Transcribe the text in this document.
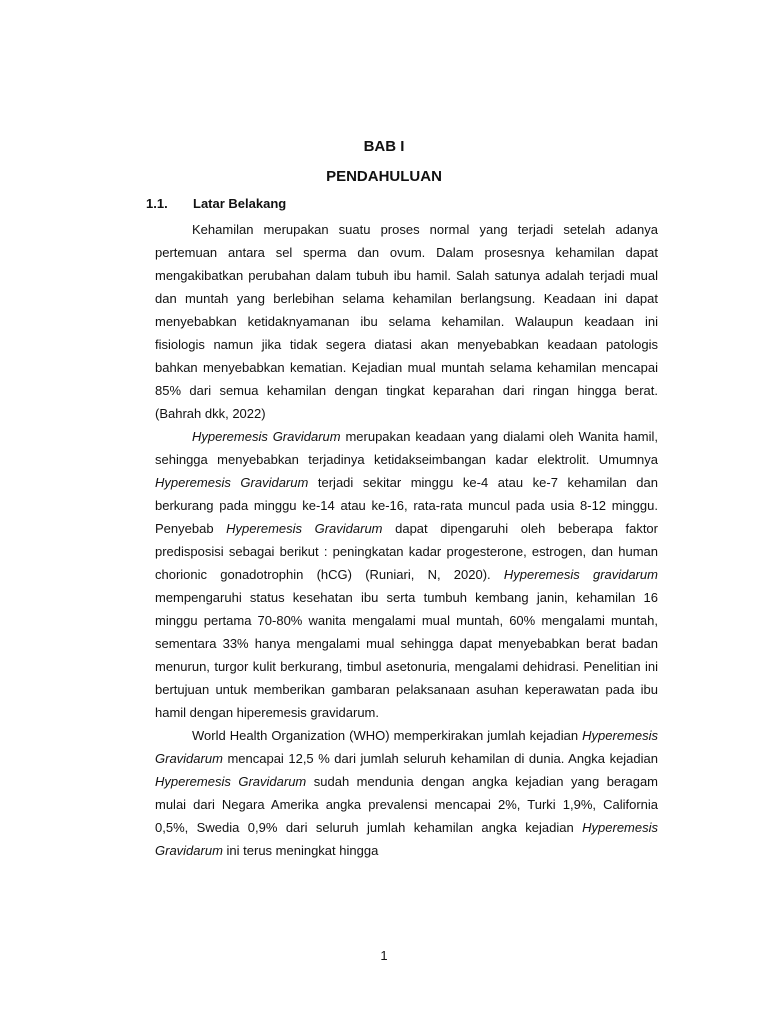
BAB I
PENDAHULUAN
1.1. Latar Belakang

Kehamilan merupakan suatu proses normal yang terjadi setelah adanya pertemuan antara sel sperma dan ovum. Dalam prosesnya kehamilan dapat mengakibatkan perubahan dalam tubuh ibu hamil. Salah satunya adalah terjadi mual dan muntah yang berlebihan selama kehamilan berlangsung. Keadaan ini dapat menyebabkan ketidaknyamanan ibu selama kehamilan. Walaupun keadaan ini fisiologis namun jika tidak segera diatasi akan menyebabkan keadaan patologis bahkan menyebabkan kematian. Kejadian mual muntah selama kehamilan mencapai 85% dari semua kehamilan dengan tingkat keparahan dari ringan hingga berat. (Bahrah dkk, 2022)

Hyperemesis Gravidarum merupakan keadaan yang dialami oleh Wanita hamil, sehingga menyebabkan terjadinya ketidakseimbangan kadar elektrolit. Umumnya Hyperemesis Gravidarum terjadi sekitar minggu ke-4 atau ke-7 kehamilan dan berkurang pada minggu ke-14 atau ke-16, rata-rata muncul pada usia 8-12 minggu. Penyebab Hyperemesis Gravidarum dapat dipengaruhi oleh beberapa faktor predisposisi sebagai berikut : peningkatan kadar progesterone, estrogen, dan human chorionic gonadotrophin (hCG) (Runiari, N, 2020). Hyperemesis gravidarum mempengaruhi status kesehatan ibu serta tumbuh kembang janin, kehamilan 16 minggu pertama 70-80% wanita mengalami mual muntah, 60% mengalami muntah, sementara 33% hanya mengalami mual sehingga dapat menyebabkan berat badan menurun, turgor kulit berkurang, timbul asetonuria, mengalami dehidrasi. Penelitian ini bertujuan untuk memberikan gambaran pelaksanaan asuhan keperawatan pada ibu hamil dengan hiperemesis gravidarum.

World Health Organization (WHO) memperkirakan jumlah kejadian Hyperemesis Gravidarum mencapai 12,5 % dari jumlah seluruh kehamilan di dunia. Angka kejadian Hyperemesis Gravidarum sudah mendunia dengan angka kejadian yang beragam mulai dari Negara Amerika angka prevalensi mencapai 2%, Turki 1,9%, California 0,5%, Swedia 0,9% dari seluruh jumlah kehamilan angka kejadian Hyperemesis Gravidarum ini terus meningkat hingga

1
